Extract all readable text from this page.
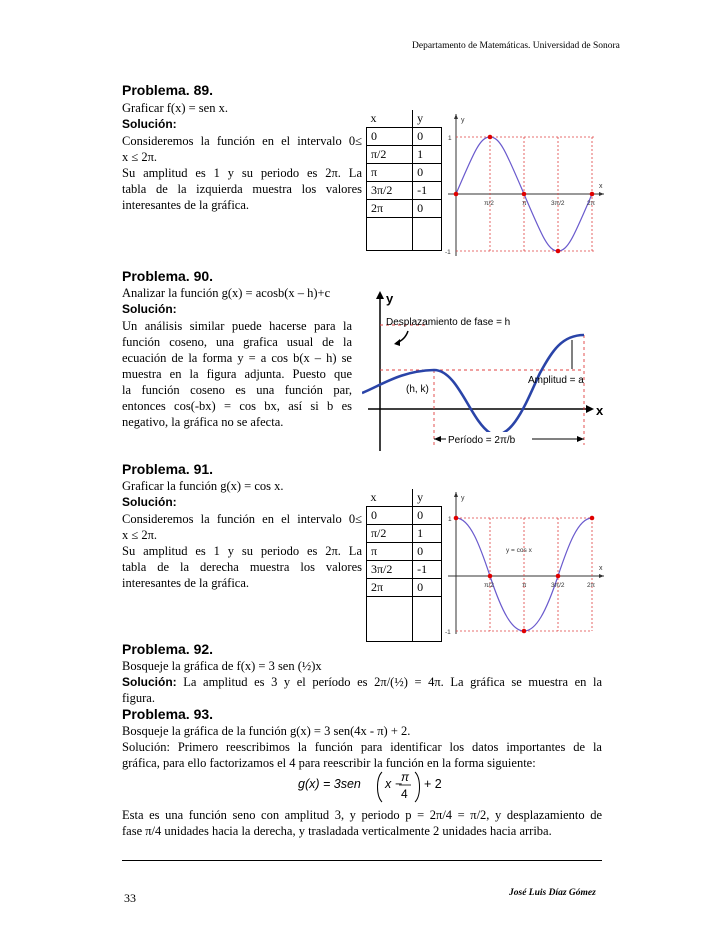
Departamento de Matemáticas. Universidad de Sonora
Problema. 89.
Graficar f(x) = sen x.
Solución:
Consideremos la función en el intervalo 0≤
x ≤ 2π.
Su amplitud es 1 y su periodo es 2π. La
tabla de la izquierda muestra los valores
interesantes de la gráfica.
x	y
0	0
π/2	1
π	0
3π/2	-1
2π	0

y
x
1
-1
π/2	π	3π/2	2π
Problema. 90.
Analizar la función g(x) = acosb(x – h)+c
Solución:
Un análisis similar puede hacerse para la
función coseno, una grafica usual de la
ecuación de la forma y = a cos b(x – h) se
muestra en la figura adjunta. Puesto que
la función coseno es una función par,
entonces cos(-bx) = cos bx, así si b es
negativo, la gráfica no se afecta.
Desplazamiento de fase = h
(h, k)
Amplitud = a
Período = 2π/b
y
x
Problema. 91.
Graficar la función g(x) = cos x.
Solución:
Consideremos la función en el intervalo 0≤
x ≤ 2π.
Su amplitud es 1 y su periodo es 2π. La
tabla de la derecha muestra los valores
interesantes de la gráfica.
x	y
0	0
π/2	1
π	0
3π/2	-1
2π	0

y
x
1
-1
π/2	π	3π/2	2π
y = cos x
Problema. 92.
Bosqueje la gráfica de f(x) = 3 sen (½)x
Solución: La amplitud es 3 y el período es 2π/(½) = 4π. La gráfica se muestra en la
figura.
Problema. 93.
Bosqueje la gráfica de la función g(x) = 3 sen(4x - π) + 2.
Solución: Primero reescribimos la función para identificar los datos importantes de la
gráfica, para ello factorizamos el 4 para reescribir la función en la forma siguiente:
g(x) = 3sen x −
π
4
+ 2
Esta es una función seno con amplitud 3, y periodo p = 2π/4 = π/2, y desplazamiento de
fase π/4 unidades hacia la derecha, y trasladada verticalmente 2 unidades hacia arriba.
33	José Luis Díaz Gómez
